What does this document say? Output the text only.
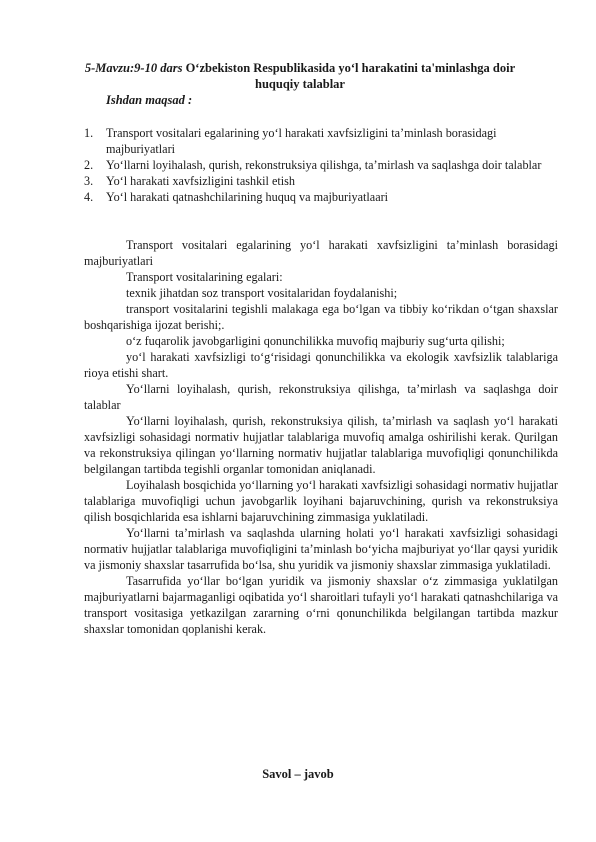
5-Mavzu:9-10 dars O‘zbekiston Respublikasida yo‘l harakatini ta'minlashga doir huquqiy talablar
Ishdan maqsad :
1. Transport vositalari egalarining yo‘l harakati xavfsizligini ta’minlash borasidagi majburiyatlari
2. Yo‘llarni loyihalash, qurish, rekonstruksiya qilishga, ta’mirlash va saqlashga doir talablar
3. Yo‘l harakati xavfsizligini tashkil etish
4. Yo‘l harakati qatnashchilarining huquq va majburiyatlaari

Transport vositalari egalarining yo‘l harakati xavfsizligini ta’minlash borasidagi majburiyatlari

Transport vositalarining egalari:

texnik jihatdan soz transport vositalaridan foydalanishi;

transport vositalarini tegishli malakaga ega bo‘lgan va tibbiy ko‘rikdan o‘tgan shaxslar boshqarishiga ijozat berishi;.

o‘z fuqarolik javobgarligini qonunchilikka muvofiq majburiy sug‘urta qilishi;

yo‘l harakati xavfsizligi to‘g‘risidagi qonunchilikka va ekologik xavfsizlik talablariga rioya etishi shart.

Yo‘llarni loyihalash, qurish, rekonstruksiya qilishga, ta’mirlash va saqlashga doir talablar

Yo‘llarni loyihalash, qurish, rekonstruksiya qilish, ta’mirlash va saqlash yo‘l harakati xavfsizligi sohasidagi normativ hujjatlar talablariga muvofiq amalga oshirilishi kerak. Qurilgan va rekonstruksiya qilingan yo‘llarning normativ hujjatlar talablariga muvofiqligi qonunchilikda belgilangan tartibda tegishli organlar tomonidan aniqlanadi.

Loyihalash bosqichida yo‘llarning yo‘l harakati xavfsizligi sohasidagi normativ hujjatlar talablariga muvofiqligi uchun javobgarlik loyihani bajaruvchining, qurish va rekonstruksiya qilish bosqichlarida esa ishlarni bajaruvchining zimmasiga yuklatiladi.

Yo‘llarni ta’mirlash va saqlashda ularning holati yo‘l harakati xavfsizligi sohasidagi normativ hujjatlar talablariga muvofiqligini ta’minlash bo‘yicha majburiyat yo‘llar qaysi yuridik va jismoniy shaxslar tasarrufida bo‘lsa, shu yuridik va jismoniy shaxslar zimmasiga yuklatiladi.

Tasarrufida yo‘llar bo‘lgan yuridik va jismoniy shaxslar o‘z zimmasiga yuklatilgan majburiyatlarni bajarmaganligi oqibatida yo‘l sharoitlari tufayli yo‘l harakati qatnashchilariga va transport vositasiga yetkazilgan zararning o‘rni qonunchilikda belgilangan tartibda mazkur shaxslar tomonidan qoplanishi kerak.

Savol – javob
